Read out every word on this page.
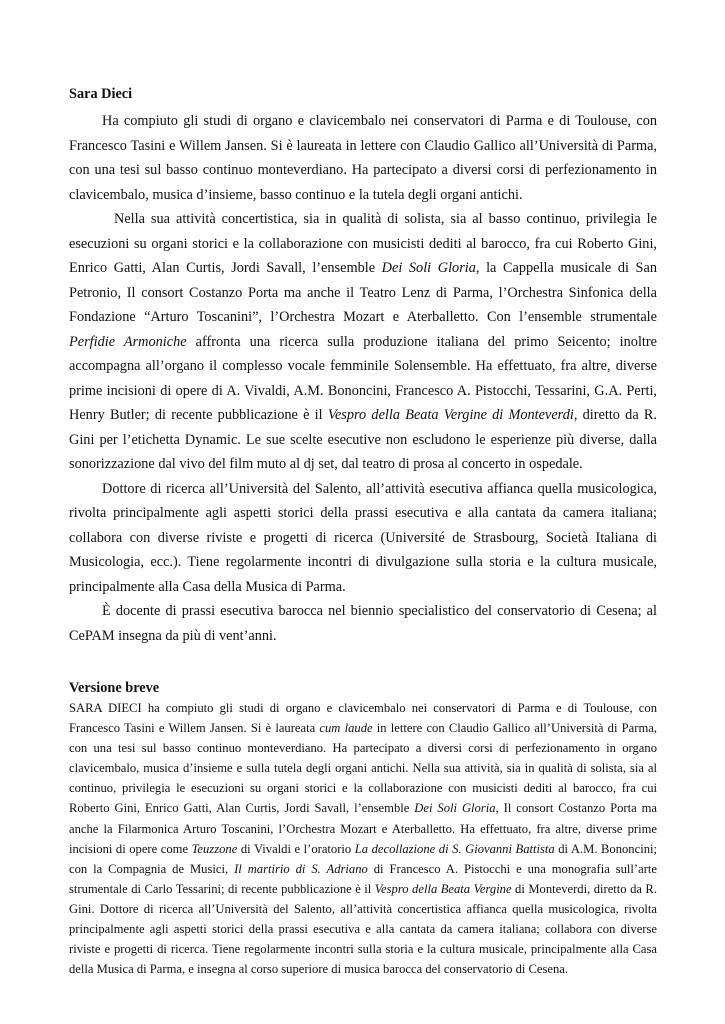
Sara Dieci

Ha compiuto gli studi di organo e clavicembalo nei conservatori di Parma e di Toulouse, con Francesco Tasini e Willem Jansen. Si è laureata in lettere con Claudio Gallico all’Università di Parma, con una tesi sul basso continuo monteverdiano. Ha partecipato a diversi corsi di perfezionamento in clavicembalo, musica d’insieme, basso continuo e la tutela degli organi antichi.

Nella sua attività concertistica, sia in qualità di solista, sia al basso continuo, privilegia le esecuzioni su organi storici e la collaborazione con musicisti dediti al barocco, fra cui Roberto Gini, Enrico Gatti, Alan Curtis, Jordi Savall, l’ensemble Dei Soli Gloria, la Cappella musicale di San Petronio, Il consort Costanzo Porta ma anche il Teatro Lenz di Parma, l’Orchestra Sinfonica della Fondazione “Arturo Toscanini”, l’Orchestra Mozart e Aterballetto. Con l’ensemble strumentale Perfidie Armoniche affronta una ricerca sulla produzione italiana del primo Seicento; inoltre accompagna all’organo il complesso vocale femminile Solensemble. Ha effettuato, fra altre, diverse prime incisioni di opere di A. Vivaldi, A.M. Bononcini, Francesco A. Pistocchi, Tessarini, G.A. Perti, Henry Butler; di recente pubblicazione è il Vespro della Beata Vergine di Monteverdi, diretto da R. Gini per l’etichetta Dynamic. Le sue scelte esecutive non escludono le esperienze più diverse, dalla sonorizzazione dal vivo del film muto al dj set, dal teatro di prosa al concerto in ospedale.

Dottore di ricerca all’Università del Salento, all’attività esecutiva affianca quella musicologica, rivolta principalmente agli aspetti storici della prassi esecutiva e alla cantata da camera italiana; collabora con diverse riviste e progetti di ricerca (Université de Strasbourg, Società Italiana di Musicologia, ecc.). Tiene regolarmente incontri di divulgazione sulla storia e la cultura musicale, principalmente alla Casa della Musica di Parma.

È docente di prassi esecutiva barocca nel biennio specialistico del conservatorio di Cesena; al CePAM insegna da più di vent’anni.

Versione breve

SARA DIECI ha compiuto gli studi di organo e clavicembalo nei conservatori di Parma e di Toulouse, con Francesco Tasini e Willem Jansen. Si è laureata cum laude in lettere con Claudio Gallico all’Università di Parma, con una tesi sul basso continuo monteverdiano. Ha partecipato a diversi corsi di perfezionamento in organo clavicembalo, musica d’insieme e sulla tutela degli organi antichi. Nella sua attività, sia in qualità di solista, sia al continuo, privilegia le esecuzioni su organi storici e la collaborazione con musicisti dediti al barocco, fra cui Roberto Gini, Enrico Gatti, Alan Curtis, Jordi Savall, l’ensemble Dei Soli Gloria, Il consort Costanzo Porta ma anche la Filarmonica Arturo Toscanini, l’Orchestra Mozart e Aterballetto. Ha effettuato, fra altre, diverse prime incisioni di opere come Teuzzone di Vivaldi e l’oratorio La decollazione di S. Giovanni Battista di A.M. Bononcini; con la Compagnia de Musici, Il martirio di S. Adriano di Francesco A. Pistocchi e una monografia sull’arte strumentale di Carlo Tessarini; di recente pubblicazione è il Vespro della Beata Vergine di Monteverdi, diretto da R. Gini. Dottore di ricerca all’Università del Salento, all’attività concertistica affianca quella musicologica, rivolta principalmente agli aspetti storici della prassi esecutiva e alla cantata da camera italiana; collabora con diverse riviste e progetti di ricerca. Tiene regolarmente incontri sulla storia e la cultura musicale, principalmente alla Casa della Musica di Parma, e insegna al corso superiore di musica barocca del conservatorio di Cesena.
